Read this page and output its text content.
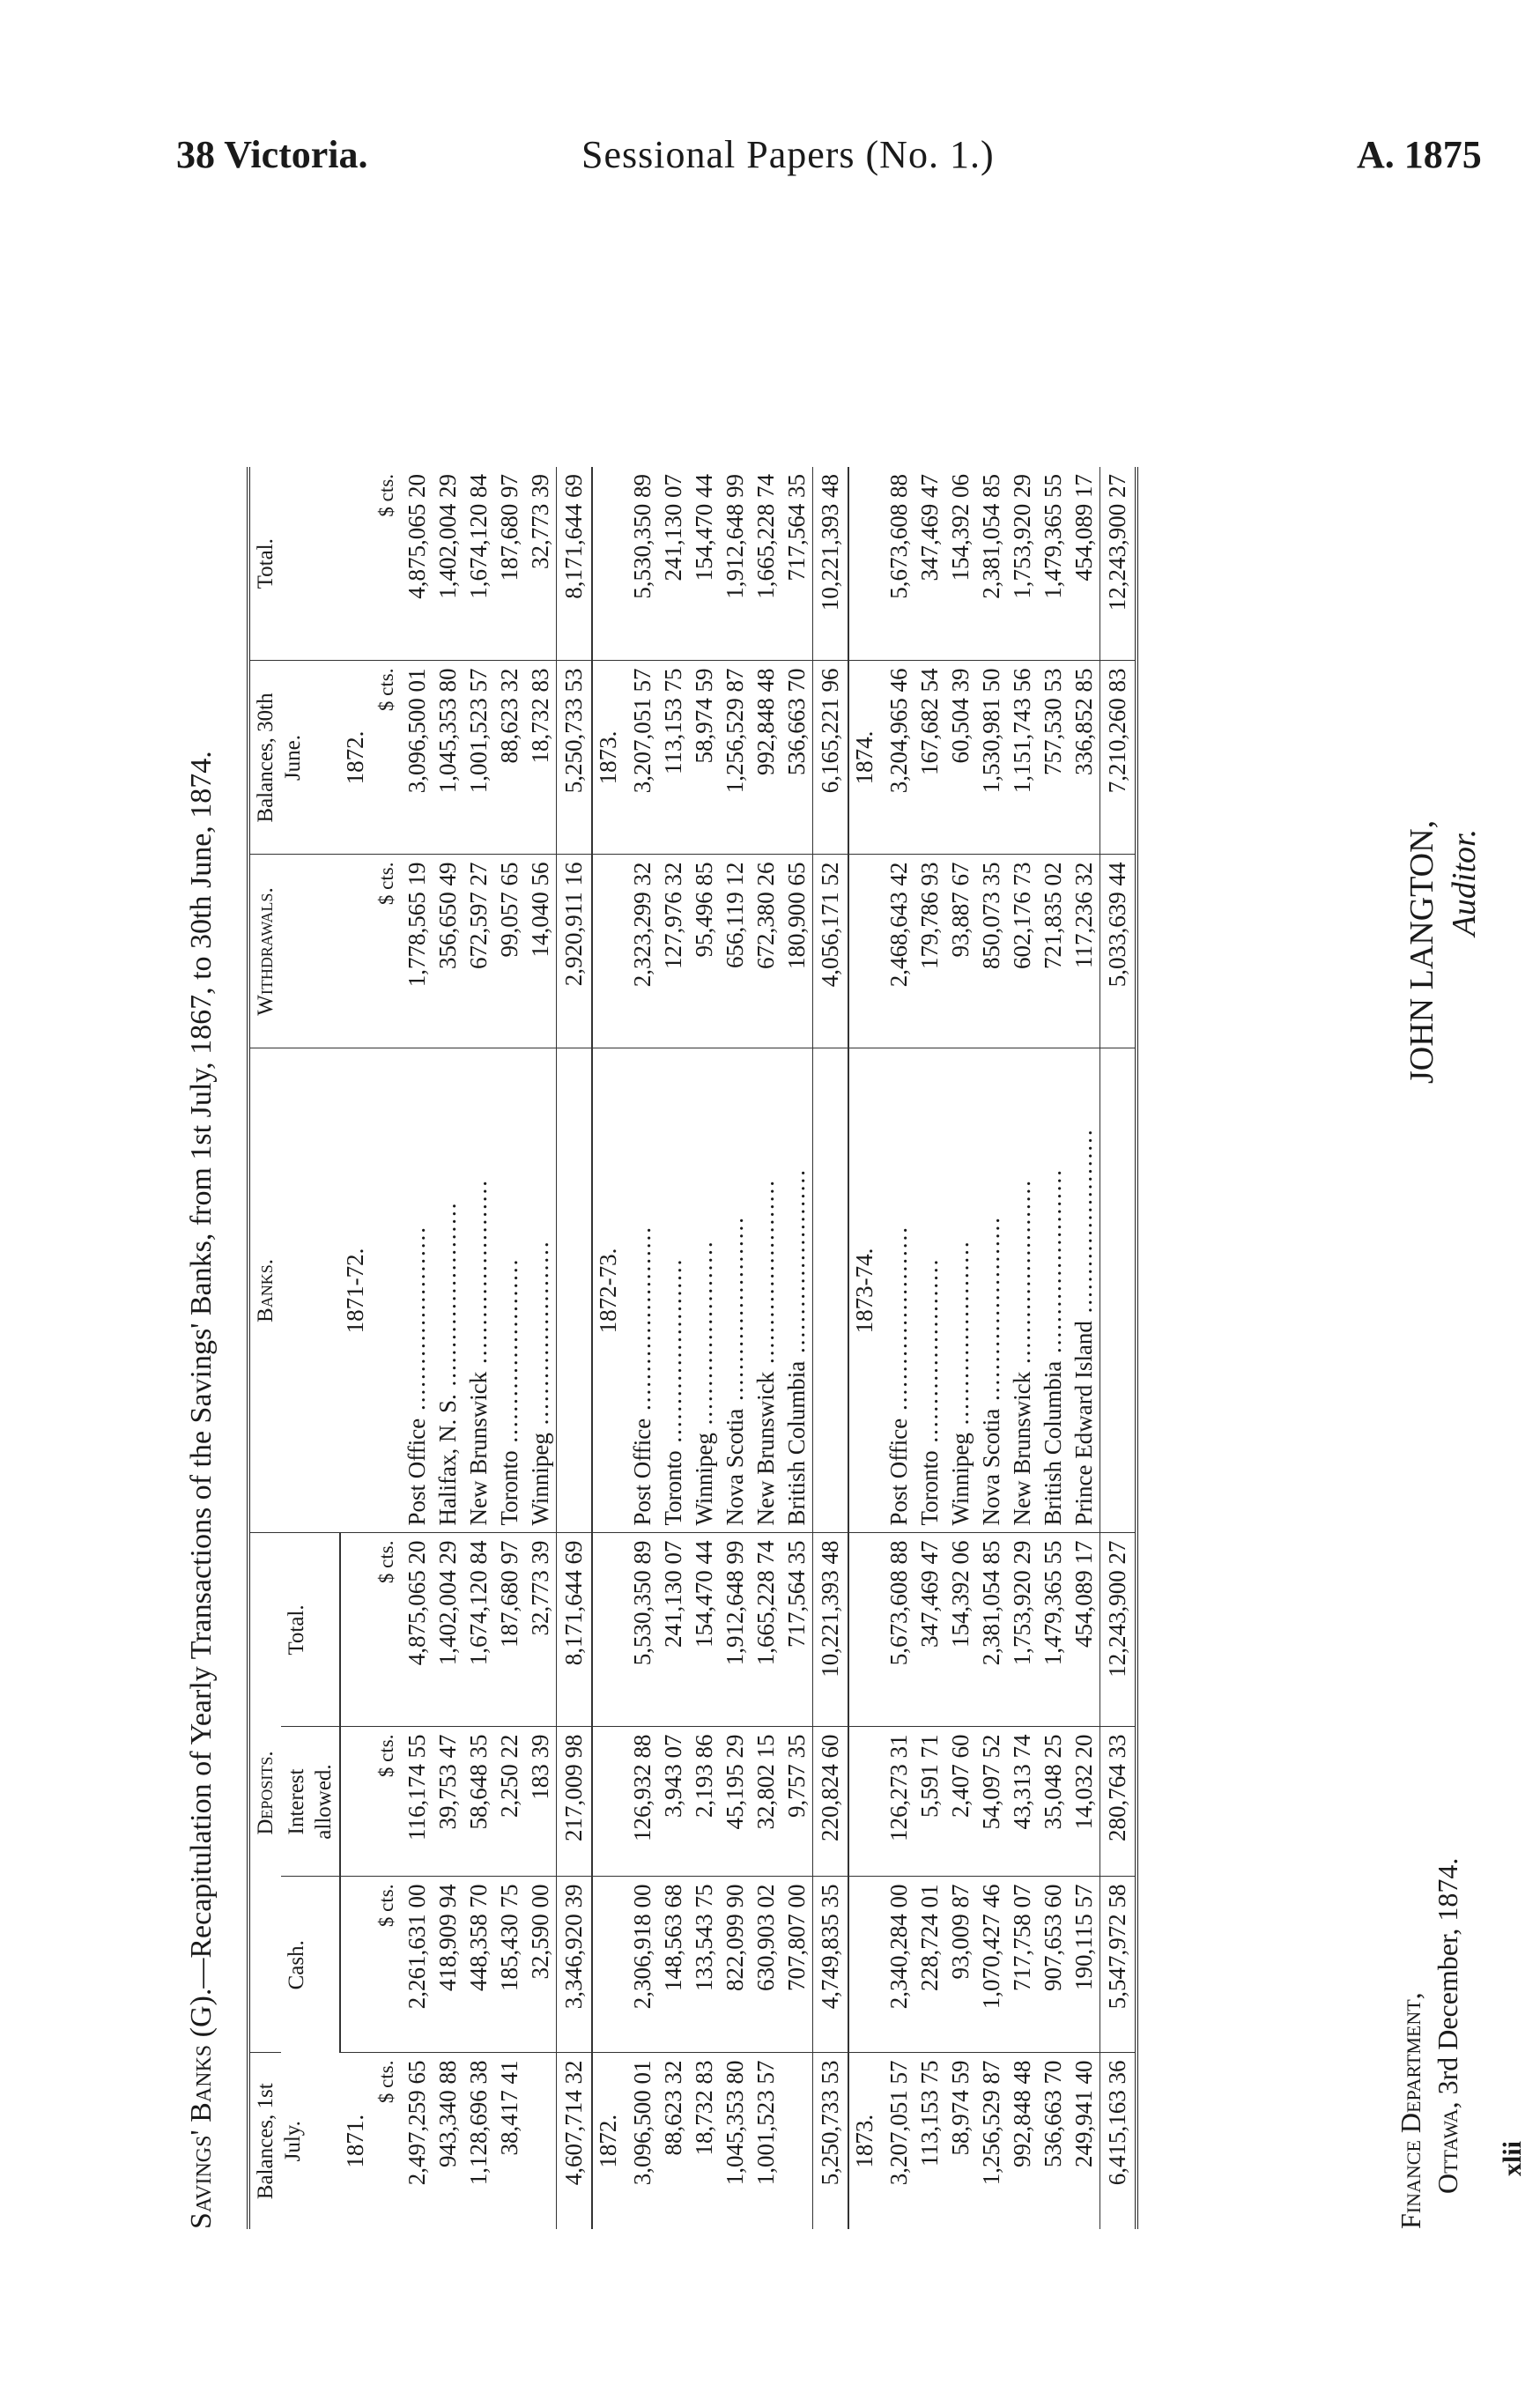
38 Victoria.	Sessional Papers (No. 1.)	A. 1875
Savings' Banks (G).—Recapitulation of Yearly Transactions of the Savings' Banks, from 1st July, 1867, to 30th June, 1874.
Balances, 1st July.	Deposits.			Banks.	Withdrawals.	Balances, 30th June.	Total.
	Cash.	Interest allowed.	Total.				
1871.				1871-72.		1872.	
$ cts.	$ cts.	$ cts.	$ cts.		$ cts.	$ cts.	$ cts.
2,497,259 65	2,261,631 00	116,174 55	4,875,065 20	Post Office .....	1,778,565 19	3,096,500 01	4,875,065 20
943,340 88	418,909 94	39,753 47	1,402,004 29	Halifax, N. S. .....	356,650 49	1,045,353 80	1,402,004 29
1,128,696 38	448,358 70	58,648 35	1,674,120 84	New Brunswick .....	672,597 27	1,001,523 57	1,674,120 84
38,417 41	185,430 75	2,250 22	187,680 97	Toronto .....	99,057 65	88,623 32	187,680 97
	32,590 00	183 39	32,773 39	Winnipeg .....	14,040 56	18,732 83	32,773 39
4,607,714 32	3,346,920 39	217,009 98	8,171,644 69		2,920,911 16	5,250,733 53	8,171,644 69
1872.				1872-73.		1873.	

3,096,500 01	2,306,918 00	126,932 88	5,530,350 89	Post Office .....	2,323,299 32	3,207,051 57	5,530,350 89
88,623 32	148,563 68	3,943 07	241,130 07	Toronto .....	127,976 32	113,153 75	241,130 07
18,732 83	133,543 75	2,193 86	154,470 44	Winnipeg .....	95,496 85	58,974 59	154,470 44
1,045,353 80	822,099 90	45,195 29	1,912,648 99	Nova Scotia .....	656,119 12	1,256,529 87	1,912,648 99
1,001,523 57	630,903 02	32,802 15	1,665,228 74	New Brunswick .....	672,380 26	992,848 48	1,665,228 74
	707,807 00	9,757 35	717,564 35	British Columbia .....	180,900 65	536,663 70	717,564 35
5,250,733 53	4,749,835 35	220,824 60	10,221,393 48		4,056,171 52	6,165,221 96	10,221,393 48
1873.				1873-74.		1874.	

3,207,051 57	2,340,284 00	126,273 31	5,673,608 88	Post Office .....	2,468,643 42	3,204,965 46	5,673,608 88
113,153 75	228,724 01	5,591 71	347,469 47	Toronto .....	179,786 93	167,682 54	347,469 47
58,974 59	93,009 87	2,407 60	154,392 06	Winnipeg .....	93,887 67	60,504 39	154,392 06
1,256,529 87	1,070,427 46	54,097 52	2,381,054 85	Nova Scotia .....	850,073 35	1,530,981 50	2,381,054 85
992,848 48	717,758 07	43,313 74	1,753,920 29	New Brunswick .....	602,176 73	1,151,743 56	1,753,920 29
536,663 70	907,653 60	35,048 25	1,479,365 55	British Columbia .....	721,835 02	757,530 53	1,479,365 55
249,941 40	190,115 57	14,032 20	454,089 17	Prince Edward Island .....	117,236 32	336,852 85	454,089 17
6,415,163 36	5,547,972 58	280,764 33	12,243,900 27		5,033,639 44	7,210,260 83	12,243,900 27
xlii
Finance Department, Ottawa, 3rd December, 1874.
JOHN LANGTON, Auditor.
